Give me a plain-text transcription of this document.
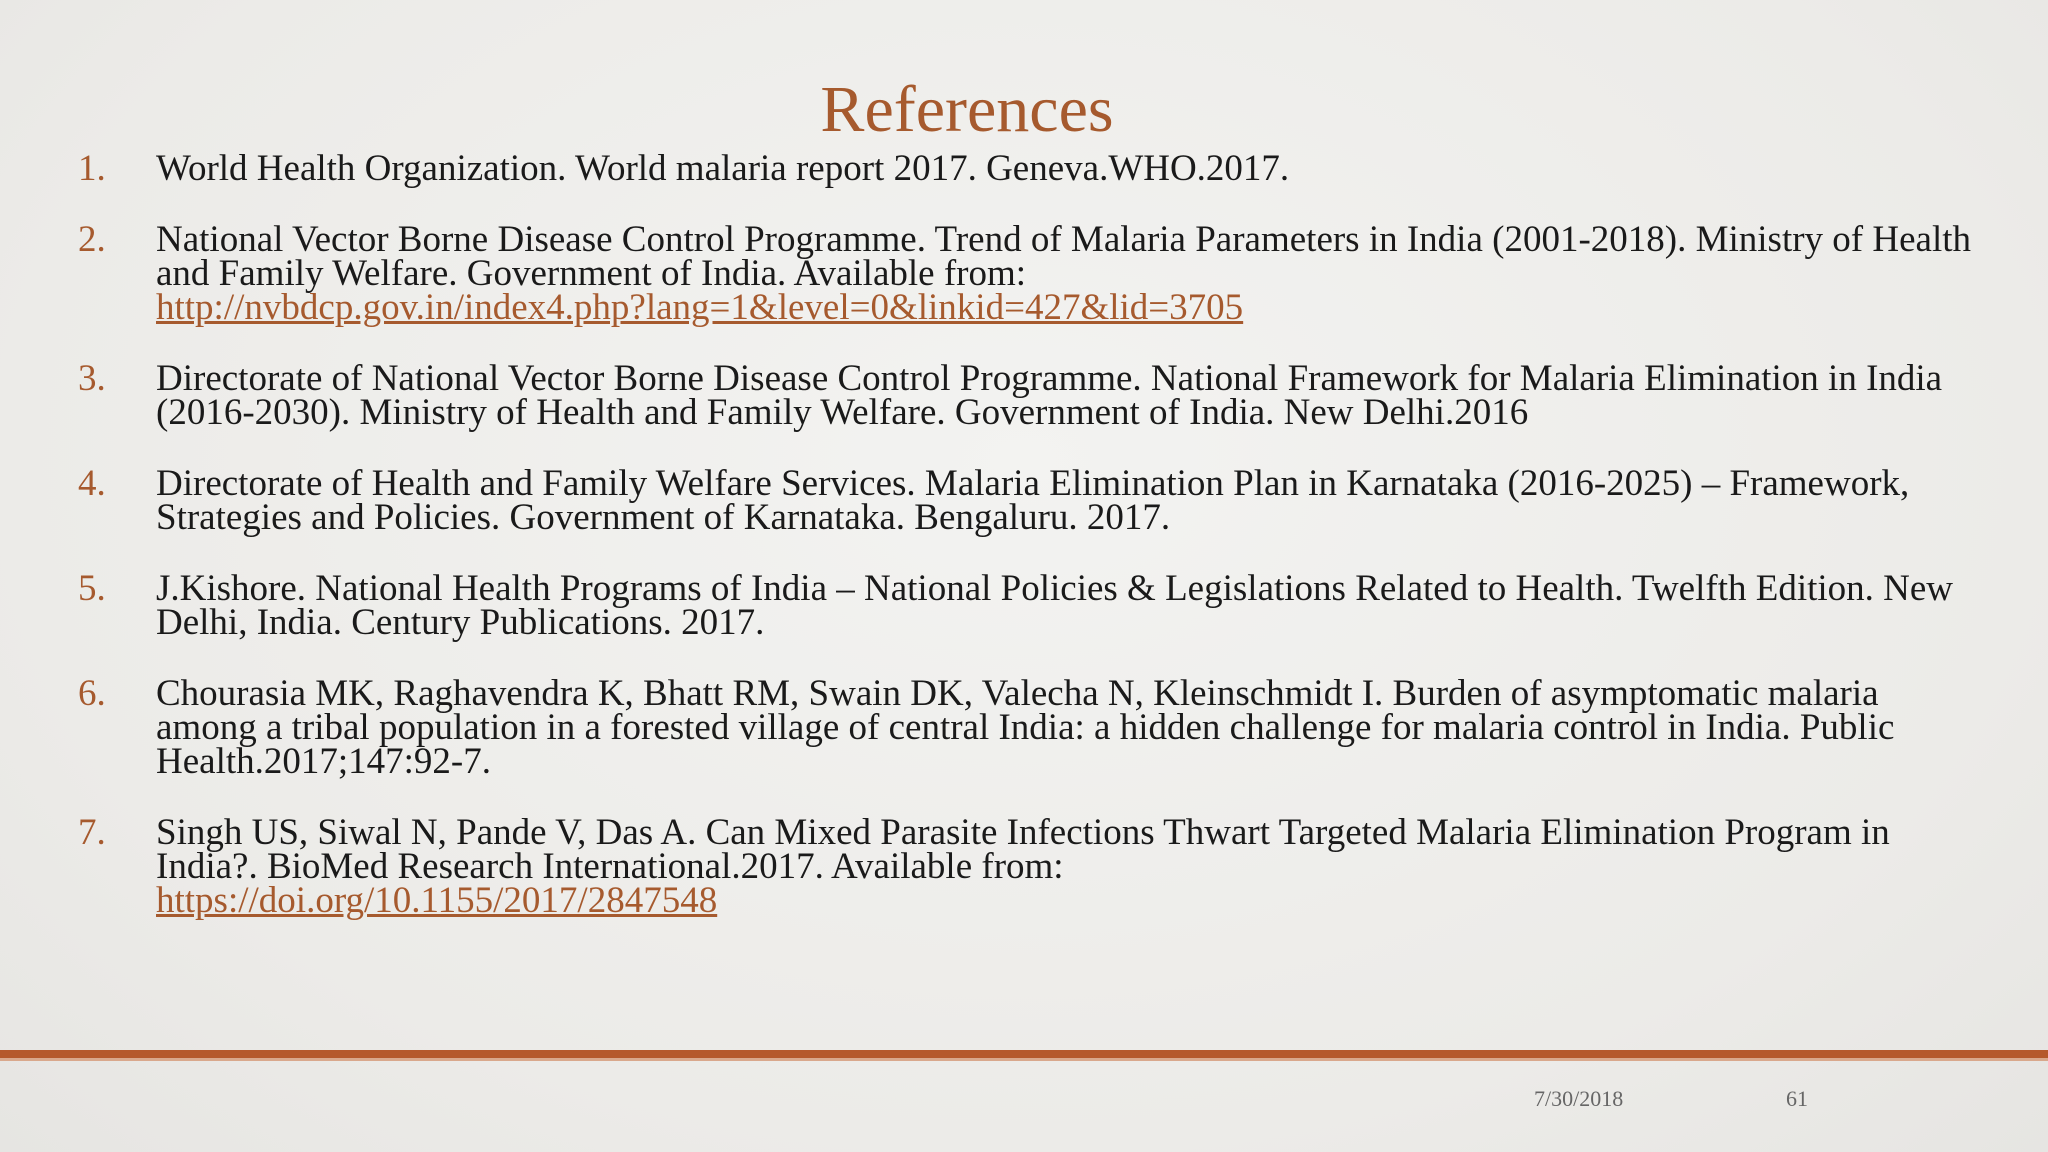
References
1. World Health Organization. World malaria report 2017. Geneva.WHO.2017.
2. National Vector Borne Disease Control Programme. Trend of Malaria Parameters in India (2001-2018). Ministry of Health and Family Welfare. Government of India. Available from:
http://nvbdcp.gov.in/index4.php?lang=1&level=0&linkid=427&lid=3705
3. Directorate of National Vector Borne Disease Control Programme. National Framework for Malaria Elimination in India (2016-2030). Ministry of Health and Family Welfare. Government of India. New Delhi.2016
4. Directorate of Health and Family Welfare Services. Malaria Elimination Plan in Karnataka (2016-2025) – Framework, Strategies and Policies. Government of Karnataka. Bengaluru. 2017.
5. J.Kishore. National Health Programs of India – National Policies & Legislations Related to Health. Twelfth Edition. New Delhi, India. Century Publications. 2017.
6. Chourasia MK, Raghavendra K, Bhatt RM, Swain DK, Valecha N, Kleinschmidt I. Burden of asymptomatic malaria among a tribal population in a forested village of central India: a hidden challenge for malaria control in India. Public Health.2017;147:92-7.
7. Singh US, Siwal N, Pande V, Das A. Can Mixed Parasite Infections Thwart Targeted Malaria Elimination Program in India?. BioMed Research International.2017. Available from:
https://doi.org/10.1155/2017/2847548
7/30/2018	61
